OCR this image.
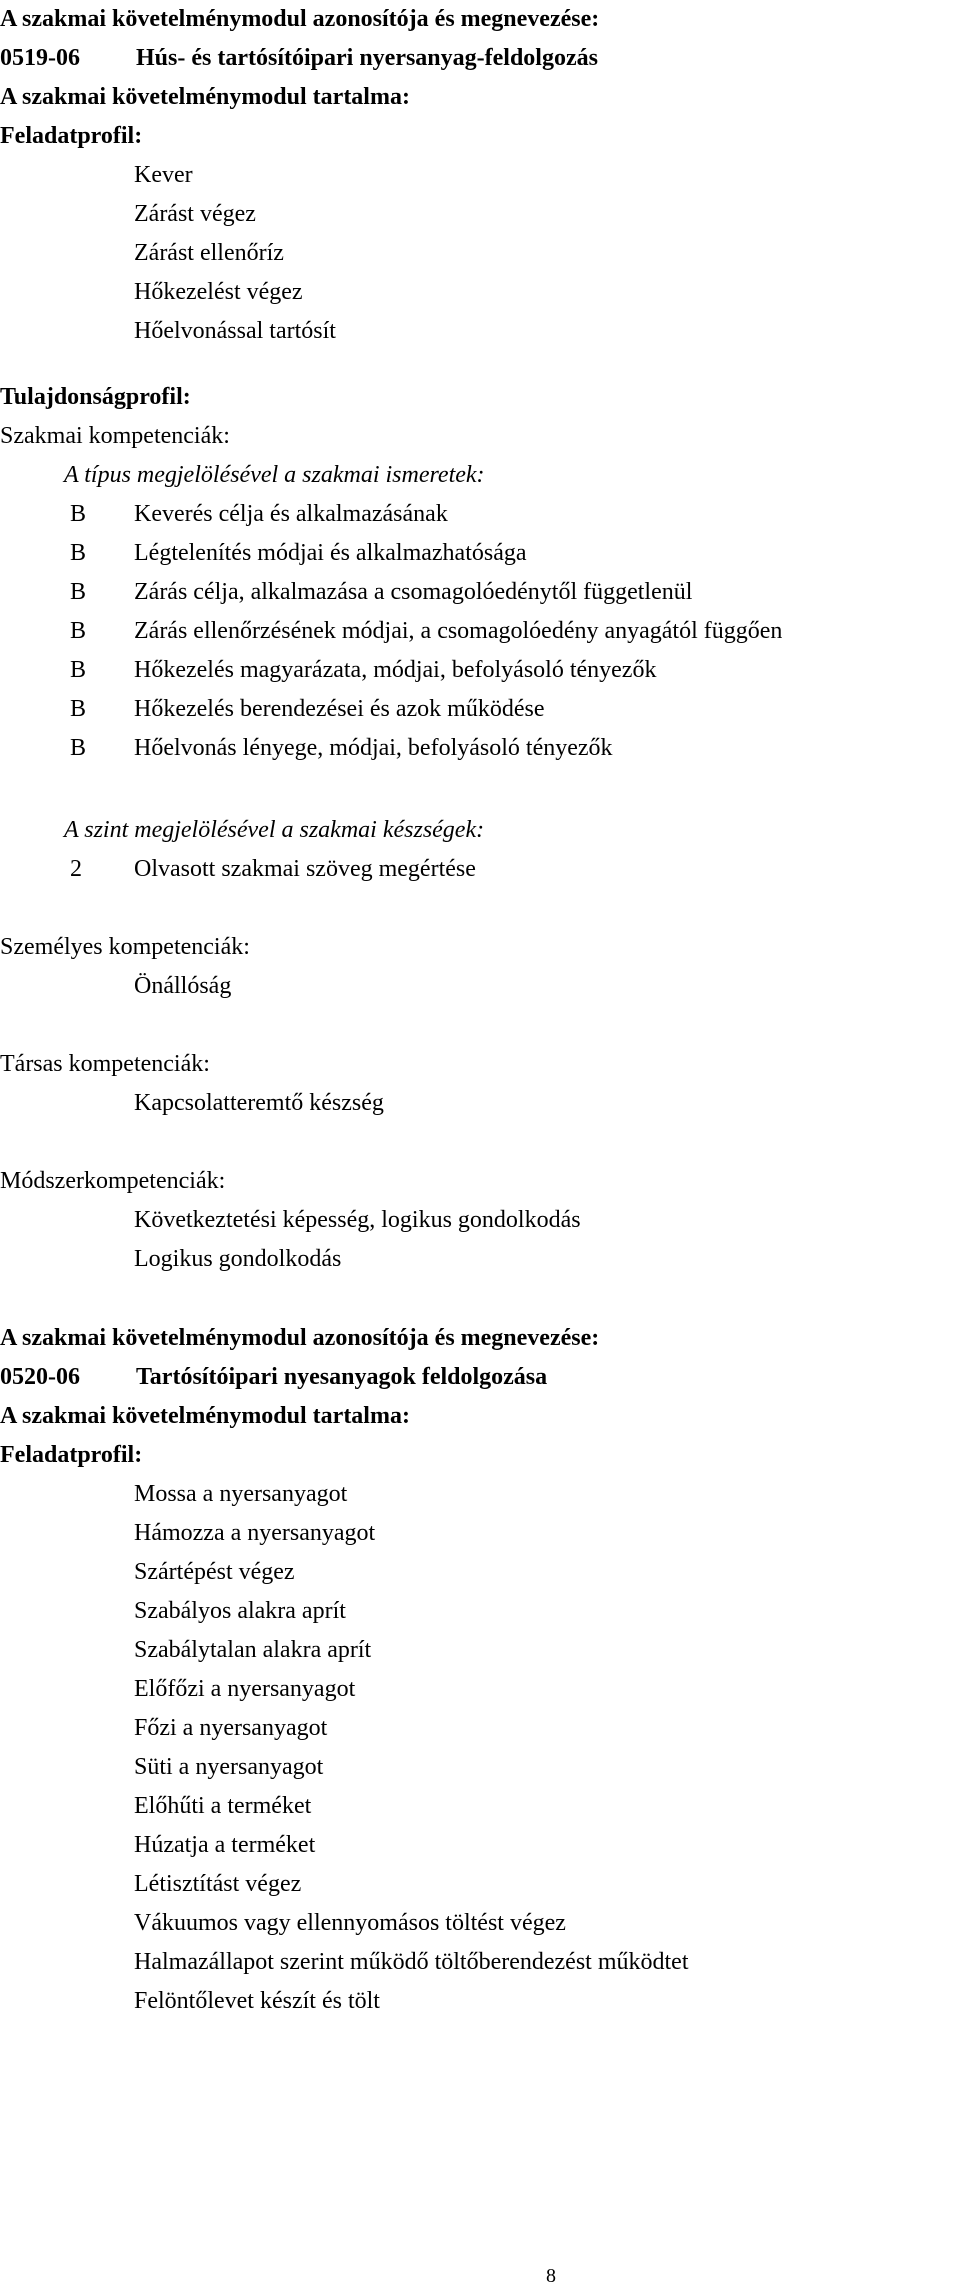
A szakmai követelménymodul azonosítója és megnevezése:
0519-06 Hús- és tartósítóipari nyersanyag-feldolgozás
A szakmai követelménymodul tartalma:
Feladatprofil:
Kever
Zárást végez
Zárást ellenőríz
Hőkezelést végez
Hőelvonással tartósít
Tulajdonságprofil:
Szakmai kompetenciák:
A típus megjelölésével a szakmai ismeretek:
B Keverés célja és alkalmazásának
B Légtelenítés módjai és alkalmazhatósága
B Zárás célja, alkalmazása a csomagolóedénytől függetlenül
B Zárás ellenőrzésének módjai, a csomagolóedény anyagától függően
B Hőkezelés magyarázata, módjai, befolyásoló tényezők
B Hőkezelés berendezései és azok működése
B Hőelvonás lényege, módjai, befolyásoló tényezők
A szint megjelölésével a szakmai készségek:
2 Olvasott szakmai szöveg megértése
Személyes kompetenciák:
Önállóság
Társas kompetenciák:
Kapcsolatteremtő készség
Módszerkompetenciák:
Következtetési képesség, logikus gondolkodás
Logikus gondolkodás
A szakmai követelménymodul azonosítója és megnevezése:
0520-06 Tartósítóipari nyesanyagok feldolgozása
A szakmai követelménymodul tartalma:
Feladatprofil:
Mossa a nyersanyagot
Hámozza a nyersanyagot
Szártépést végez
Szabályos alakra aprít
Szabálytalan alakra aprít
Előfőzi a nyersanyagot
Főzi a nyersanyagot
Süti a nyersanyagot
Előhűti a terméket
Húzatja a terméket
Létisztítást végez
Vákuumos vagy ellennyomásos töltést végez
Halmazállapot szerint működő töltőberendezést működtet
Felöntőlevet készít és tölt
8
